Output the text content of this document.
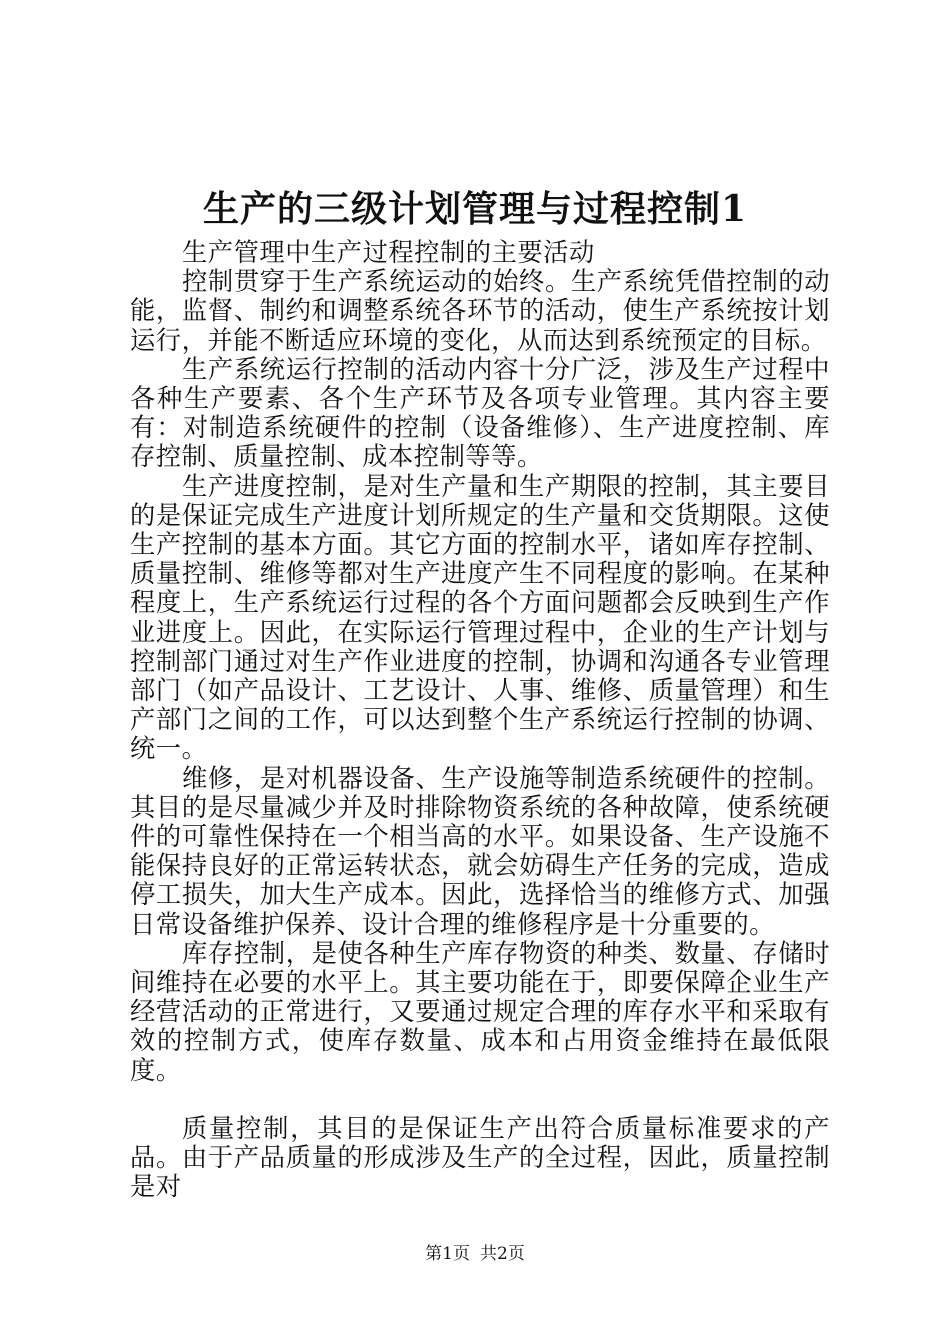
生产的三级计划管理与过程控制1

生产管理中生产过程控制的主要活动

控制贯穿于生产系统运动的始终。生产系统凭借控制的动能，监督、制约和调整系统各环节的活动，使生产系统按计划运行，并能不断适应环境的变化，从而达到系统预定的目标。

生产系统运行控制的活动内容十分广泛，涉及生产过程中各种生产要素、各个生产环节及各项专业管理。其内容主要有：对制造系统硬件的控制（设备维修）、生产进度控制、库存控制、质量控制、成本控制等等。

生产进度控制，是对生产量和生产期限的控制，其主要目的是保证完成生产进度计划所规定的生产量和交货期限。这使生产控制的基本方面。其它方面的控制水平，诸如库存控制、质量控制、维修等都对生产进度产生不同程度的影响。在某种程度上，生产系统运行过程的各个方面问题都会反映到生产作业进度上。因此，在实际运行管理过程中，企业的生产计划与控制部门通过对生产作业进度的控制，协调和沟通各专业管理部门（如产品设计、工艺设计、人事、维修、质量管理）和生产部门之间的工作，可以达到整个生产系统运行控制的协调、统一。

维修，是对机器设备、生产设施等制造系统硬件的控制。其目的是尽量减少并及时排除物资系统的各种故障，使系统硬件的可靠性保持在一个相当高的水平。如果设备、生产设施不能保持良好的正常运转状态，就会妨碍生产任务的完成，造成停工损失，加大生产成本。因此，选择恰当的维修方式、加强日常设备维护保养、设计合理的维修程序是十分重要的。

库存控制，是使各种生产库存物资的种类、数量、存储时间维持在必要的水平上。其主要功能在于，即要保障企业生产经营活动的正常进行，又要通过规定合理的库存水平和采取有效的控制方式，使库存数量、成本和占用资金维持在最低限度。

质量控制，其目的是保证生产出符合质量标准要求的产品。由于产品质量的形成涉及生产的全过程，因此，质量控制是对

第1页 共2页
